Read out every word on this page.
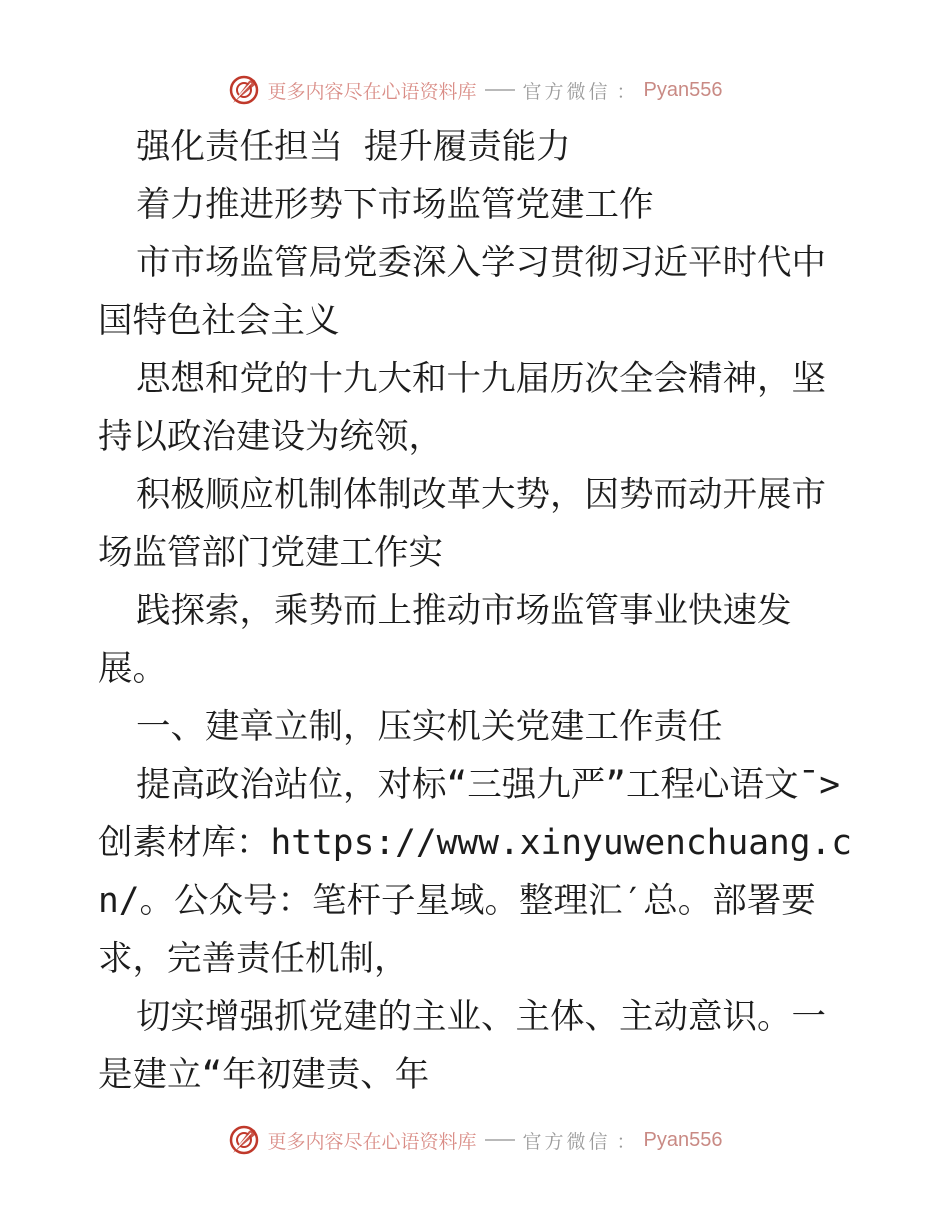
更多内容尽在心语资料库 官方微信 ： Pyan556

强化责任担当 提升履责能力

着力推进形势下市场监管党建工作

市市场监管局党委深入学习贯彻习近平时代中国特色社会主义

思想和党的十九大和十九届历次全会精神，坚持以政治建设为统领，

积极顺应机制体制改革大势，因势而动开展市场监管部门党建工作实

践探索，乘势而上推动市场监管事业快速发展。

一、建章立制，压实机关党建工作责任

提高政治站位，对标“三强九严”工程心语文¯>创素材库：https://www.xinyuwenchuang.cn/。公众号：笔杆子星域。整理汇′总。部署要求，完善责任机制，

切实增强抓党建的主业、主体、主动意识。一是建立“年初建责、年

更多内容尽在心语资料库 官方微信 ： Pyan556
